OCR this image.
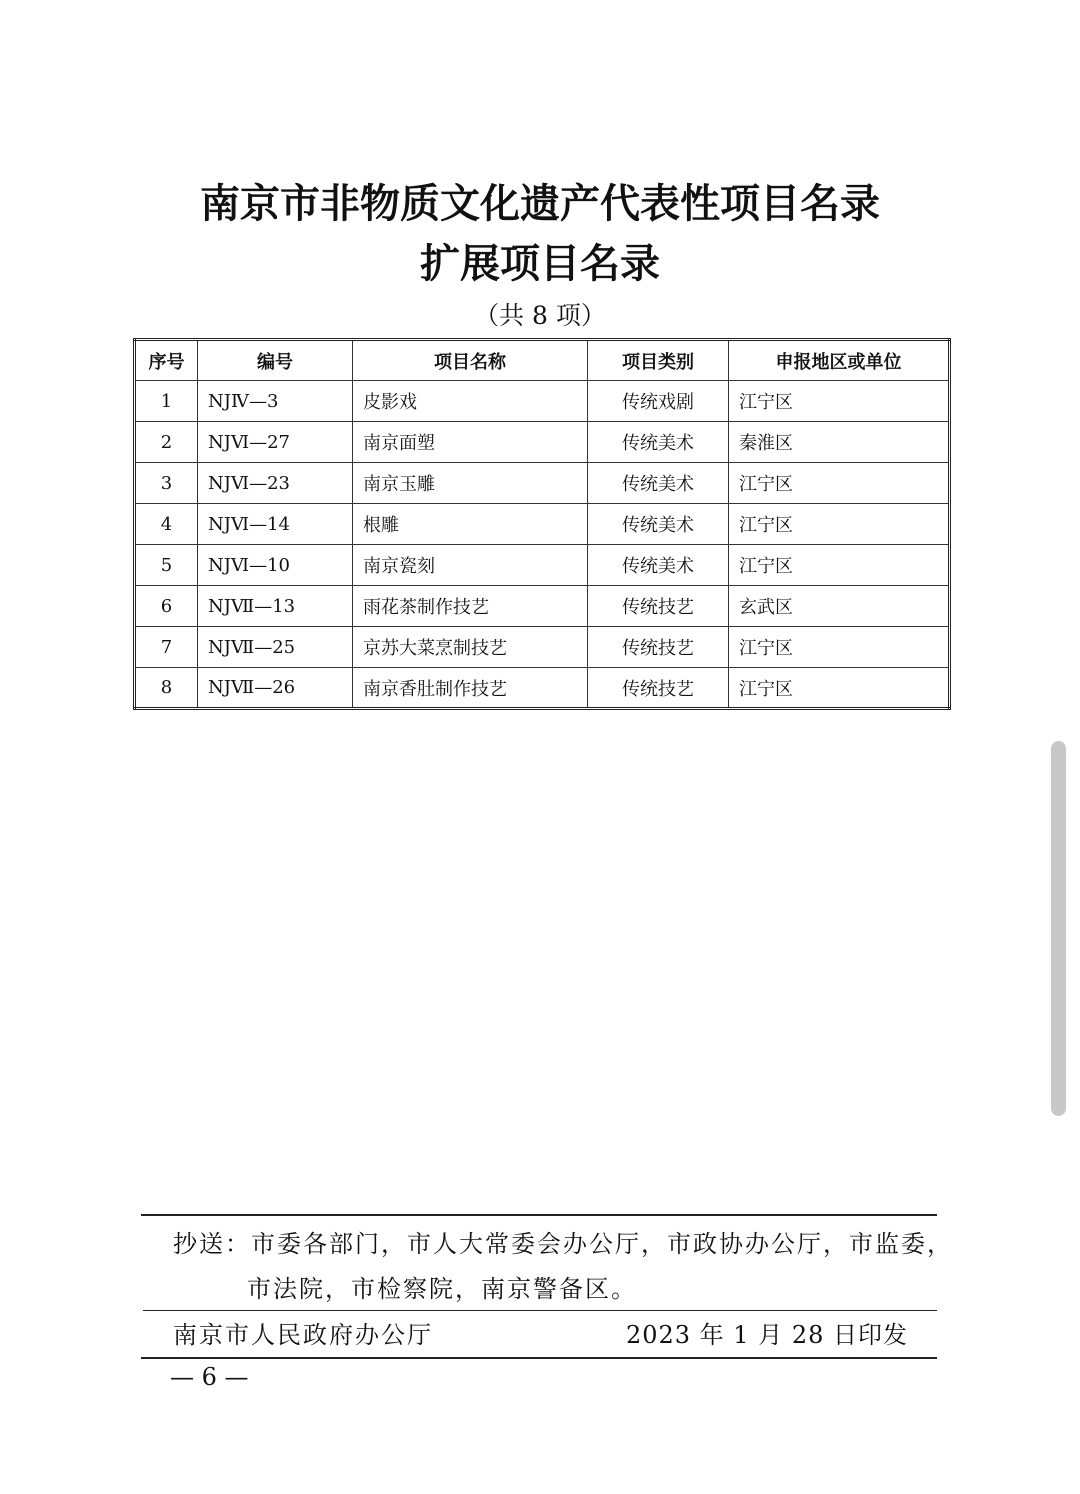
南京市非物质文化遗产代表性项目名录
扩展项目名录
（共 8 项）
序号	编号	项目名称	项目类别	申报地区或单位
1	NJⅣ—3	皮影戏	传统戏剧	江宁区
2	NJⅥ—27	南京面塑	传统美术	秦淮区
3	NJⅥ—23	南京玉雕	传统美术	江宁区
4	NJⅥ—14	根雕	传统美术	江宁区
5	NJⅥ—10	南京瓷刻	传统美术	江宁区
6	NJⅦ—13	雨花茶制作技艺	传统技艺	玄武区
7	NJⅦ—25	京苏大菜烹制技艺	传统技艺	江宁区
8	NJⅦ—26	南京香肚制作技艺	传统技艺	江宁区
抄送：市委各部门，市人大常委会办公厅，市政协办公厅，市监委，
市法院，市检察院，南京警备区。
南京市人民政府办公厅	2023 年 1 月 28 日印发
— 6 —
